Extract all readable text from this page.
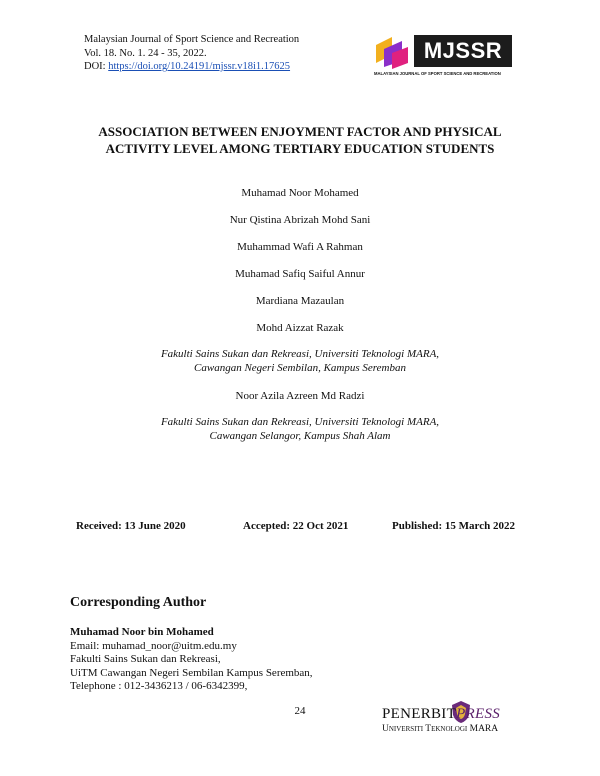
Malaysian Journal of Sport Science and Recreation
Vol. 18. No. 1. 24 - 35, 2022.
DOI: https://doi.org/10.24191/mjssr.v18i1.17625
MJSSR
MALAYSIAN JOURNAL OF SPORT SCIENCE AND RECREATION
ASSOCIATION BETWEEN ENJOYMENT FACTOR AND PHYSICAL
ACTIVITY LEVEL AMONG TERTIARY EDUCATION STUDENTS
Muhamad Noor Mohamed
Nur Qistina Abrizah Mohd Sani
Muhammad Wafi A Rahman
Muhamad Safiq Saiful Annur
Mardiana Mazaulan
Mohd Aizzat Razak
Fakulti Sains Sukan dan Rekreasi, Universiti Teknologi MARA,
Cawangan Negeri Sembilan, Kampus Seremban
Noor Azila Azreen Md Radzi
Fakulti Sains Sukan dan Rekreasi, Universiti Teknologi MARA,
Cawangan Selangor, Kampus Shah Alam
Received: 13 June 2020	Accepted: 22 Oct 2021	Published: 15 March 2022
Corresponding Author
Muhamad Noor bin Mohamed
Email: muhamad_noor@uitm.edu.my
Fakulti Sains Sukan dan Rekreasi,
UiTM Cawangan Negeri Sembilan Kampus Seremban,
Telephone : 012-3436213 / 06-6342399,
24	PENERBITPRESS
Universiti Teknologi MARA
